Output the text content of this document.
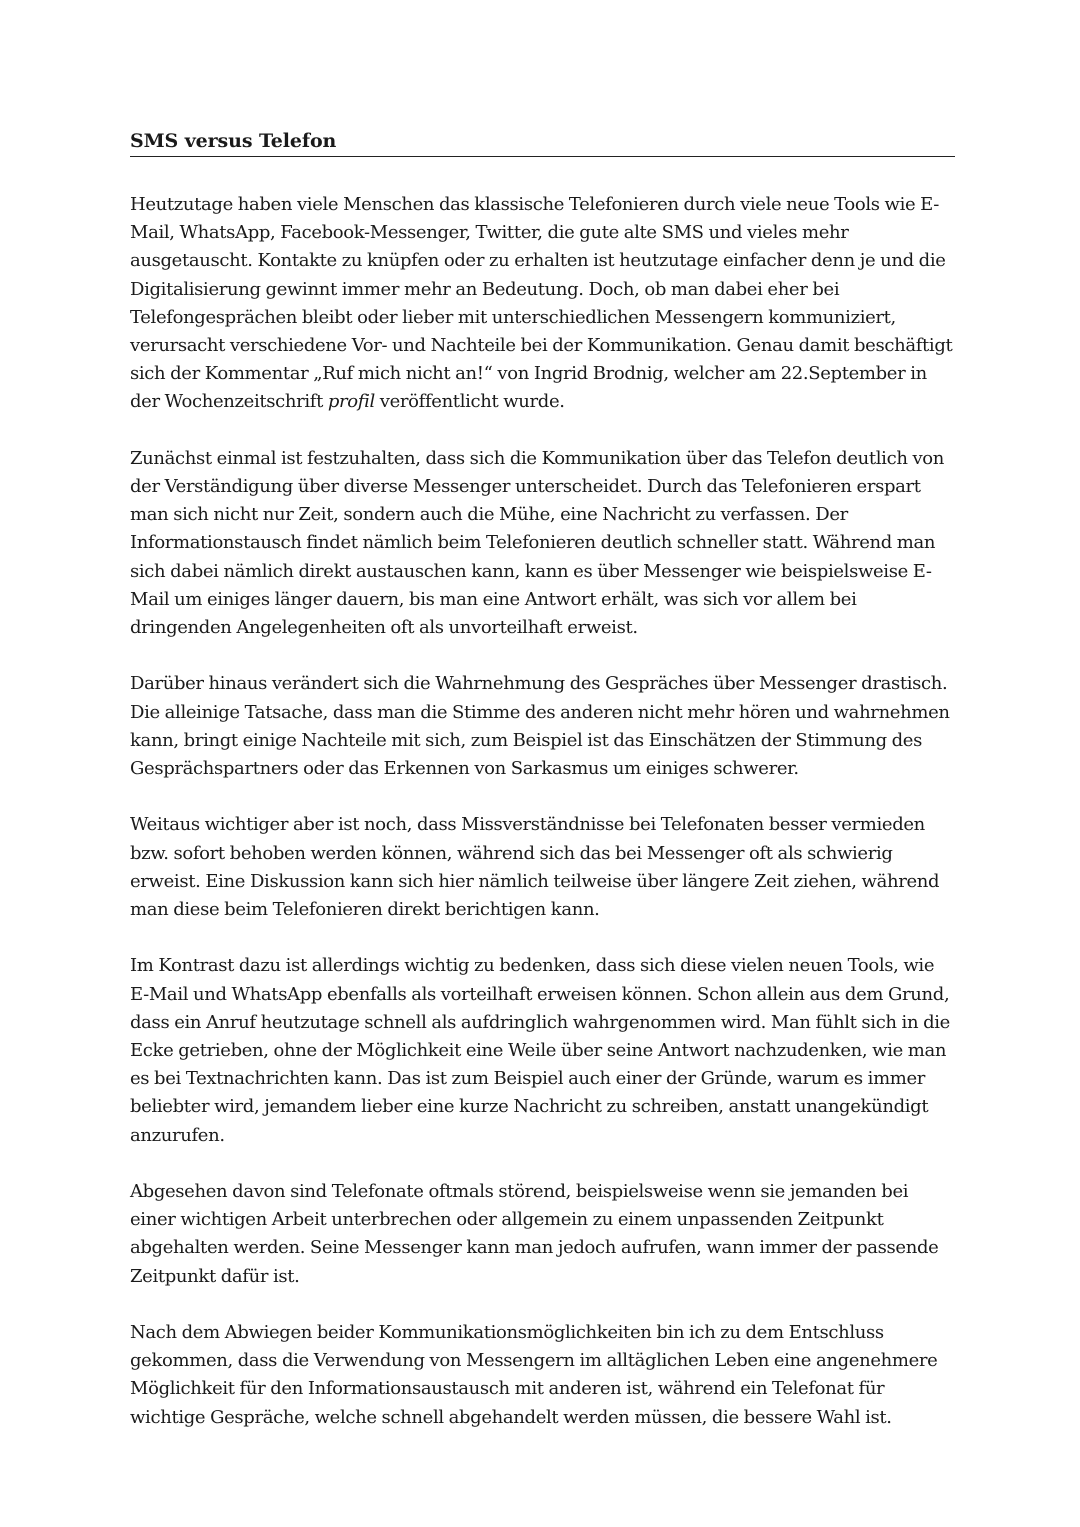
SMS versus Telefon

Heutzutage haben viele Menschen das klassische Telefonieren durch viele neue Tools wie E-Mail, WhatsApp, Facebook-Messenger, Twitter, die gute alte SMS und vieles mehr ausgetauscht. Kontakte zu knüpfen oder zu erhalten ist heutzutage einfacher denn je und die Digitalisierung gewinnt immer mehr an Bedeutung. Doch, ob man dabei eher bei Telefongesprächen bleibt oder lieber mit unterschiedlichen Messengern kommuniziert, verursacht verschiedene Vor- und Nachteile bei der Kommunikation. Genau damit beschäftigt sich der Kommentar „Ruf mich nicht an!“ von Ingrid Brodnig, welcher am 22.September in der Wochenzeitschrift profil veröffentlicht wurde.

Zunächst einmal ist festzuhalten, dass sich die Kommunikation über das Telefon deutlich von der Verständigung über diverse Messenger unterscheidet. Durch das Telefonieren erspart man sich nicht nur Zeit, sondern auch die Mühe, eine Nachricht zu verfassen. Der Informationstausch findet nämlich beim Telefonieren deutlich schneller statt. Während man sich dabei nämlich direkt austauschen kann, kann es über Messenger wie beispielsweise E-Mail um einiges länger dauern, bis man eine Antwort erhält, was sich vor allem bei dringenden Angelegenheiten oft als unvorteilhaft erweist.

Darüber hinaus verändert sich die Wahrnehmung des Gespräches über Messenger drastisch. Die alleinige Tatsache, dass man die Stimme des anderen nicht mehr hören und wahrnehmen kann, bringt einige Nachteile mit sich, zum Beispiel ist das Einschätzen der Stimmung des Gesprächspartners oder das Erkennen von Sarkasmus um einiges schwerer.

Weitaus wichtiger aber ist noch, dass Missverständnisse bei Telefonaten besser vermieden bzw. sofort behoben werden können, während sich das bei Messenger oft als schwierig erweist. Eine Diskussion kann sich hier nämlich teilweise über längere Zeit ziehen, während man diese beim Telefonieren direkt berichtigen kann.

Im Kontrast dazu ist allerdings wichtig zu bedenken, dass sich diese vielen neuen Tools, wie E-Mail und WhatsApp ebenfalls als vorteilhaft erweisen können. Schon allein aus dem Grund, dass ein Anruf heutzutage schnell als aufdringlich wahrgenommen wird. Man fühlt sich in die Ecke getrieben, ohne der Möglichkeit eine Weile über seine Antwort nachzudenken, wie man es bei Textnachrichten kann. Das ist zum Beispiel auch einer der Gründe, warum es immer beliebter wird, jemandem lieber eine kurze Nachricht zu schreiben, anstatt unangekündigt anzurufen.

Abgesehen davon sind Telefonate oftmals störend, beispielsweise wenn sie jemanden bei einer wichtigen Arbeit unterbrechen oder allgemein zu einem unpassenden Zeitpunkt abgehalten werden. Seine Messenger kann man jedoch aufrufen, wann immer der passende Zeitpunkt dafür ist.

Nach dem Abwiegen beider Kommunikationsmöglichkeiten bin ich zu dem Entschluss gekommen, dass die Verwendung von Messengern im alltäglichen Leben eine angenehmere Möglichkeit für den Informationsaustausch mit anderen ist, während ein Telefonat für wichtige Gespräche, welche schnell abgehandelt werden müssen, die bessere Wahl ist.
